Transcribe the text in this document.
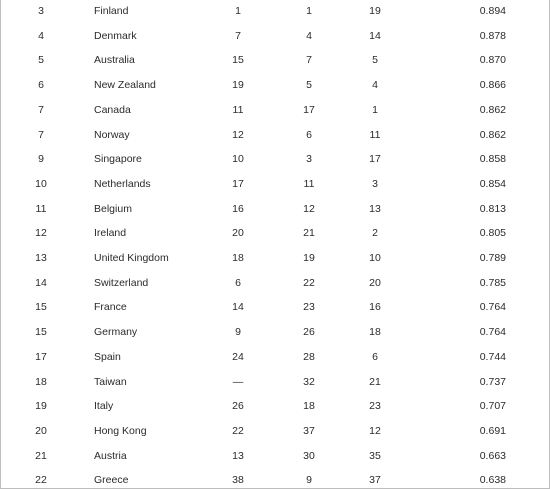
3	Finland	1	1	19	0.894
4	Denmark	7	4	14	0.878
5	Australia	15	7	5	0.870
6	New Zealand	19	5	4	0.866
7	Canada	11	17	1	0.862
7	Norway	12	6	11	0.862
9	Singapore	10	3	17	0.858
10	Netherlands	17	11	3	0.854
11	Belgium	16	12	13	0.813
12	Ireland	20	21	2	0.805
13	United Kingdom	18	19	10	0.789
14	Switzerland	6	22	20	0.785
15	France	14	23	16	0.764
15	Germany	9	26	18	0.764
17	Spain	24	28	6	0.744
18	Taiwan	—	32	21	0.737
19	Italy	26	18	23	0.707
20	Hong Kong	22	37	12	0.691
21	Austria	13	30	35	0.663
22	Greece	38	9	37	0.638
